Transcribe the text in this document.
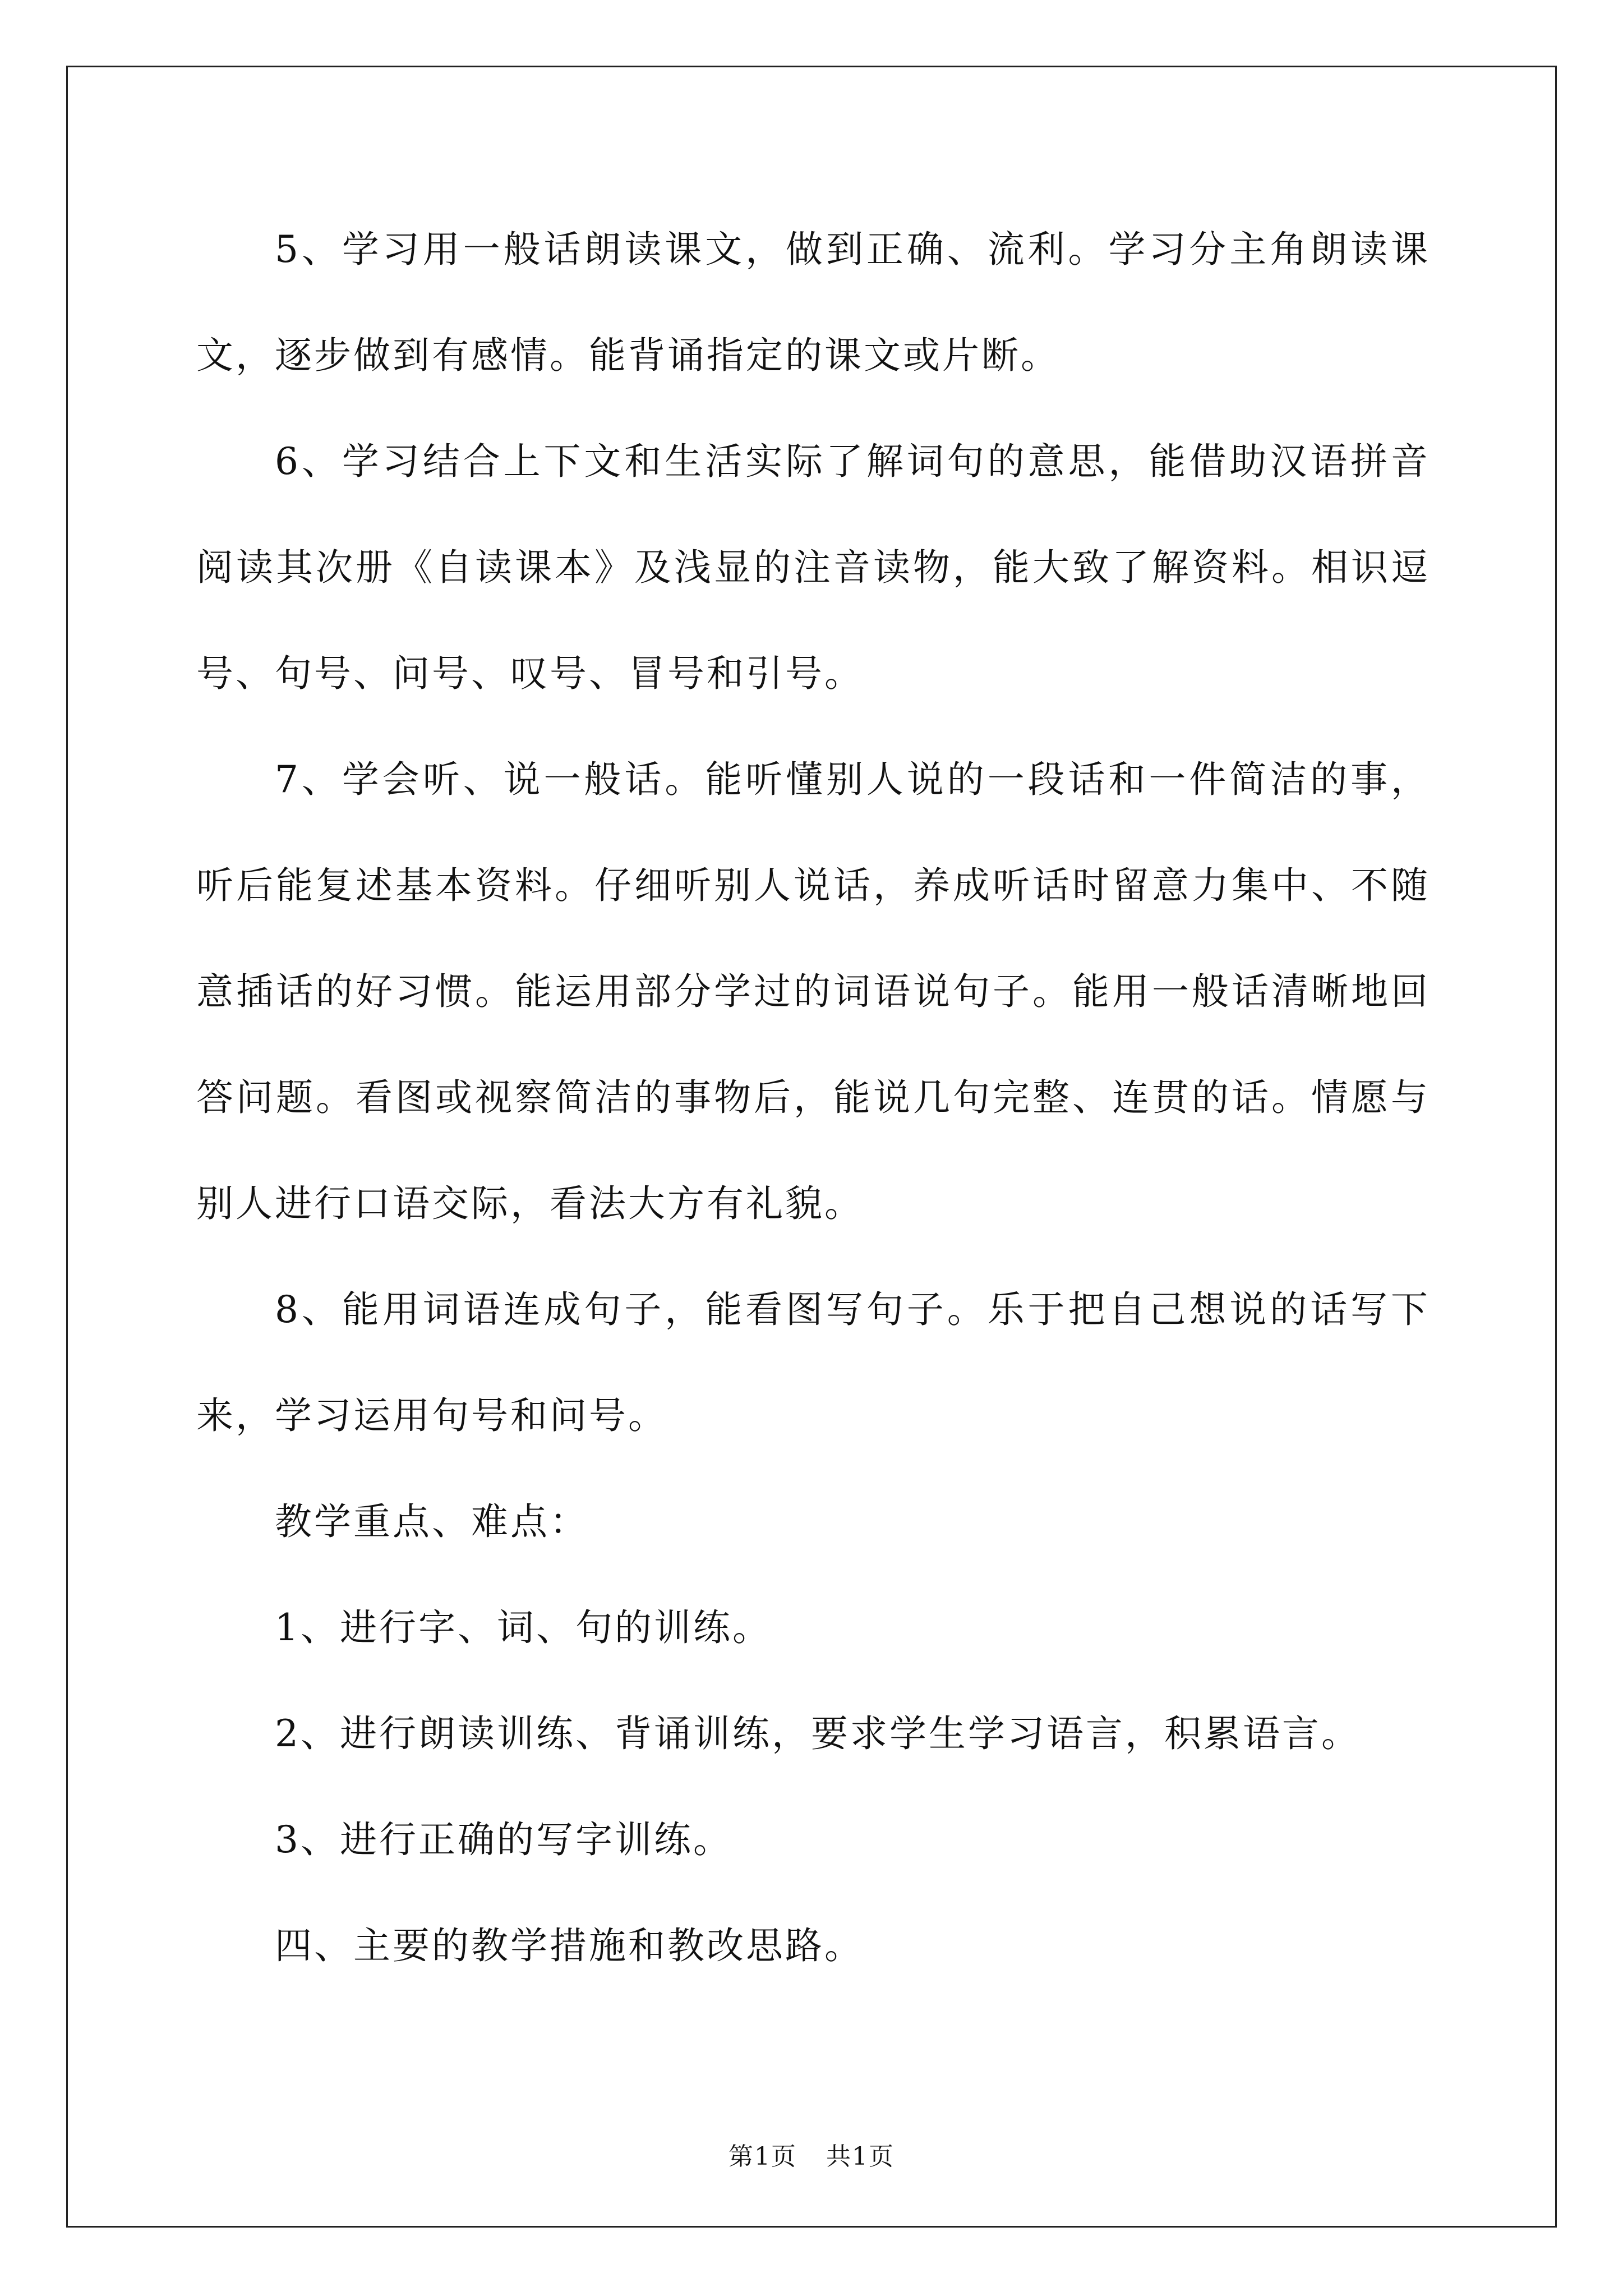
5、学习用一般话朗读课文，做到正确、流利。学习分主角朗读课文，逐步做到有感情。能背诵指定的课文或片断。

6、学习结合上下文和生活实际了解词句的意思，能借助汉语拼音阅读其次册《自读课本》及浅显的注音读物，能大致了解资料。相识逗号、句号、问号、叹号、冒号和引号。

7、学会听、说一般话。能听懂别人说的一段话和一件简洁的事，听后能复述基本资料。仔细听别人说话，养成听话时留意力集中、不随意插话的好习惯。能运用部分学过的词语说句子。能用一般话清晰地回答问题。看图或视察简洁的事物后，能说几句完整、连贯的话。情愿与别人进行口语交际，看法大方有礼貌。

8、能用词语连成句子，能看图写句子。乐于把自己想说的话写下来，学习运用句号和问号。

教学重点、难点：

1、进行字、词、句的训练。

2、进行朗读训练、背诵训练，要求学生学习语言，积累语言。

3、进行正确的写字训练。

四、主要的教学措施和教改思路。

第1页 共1页
